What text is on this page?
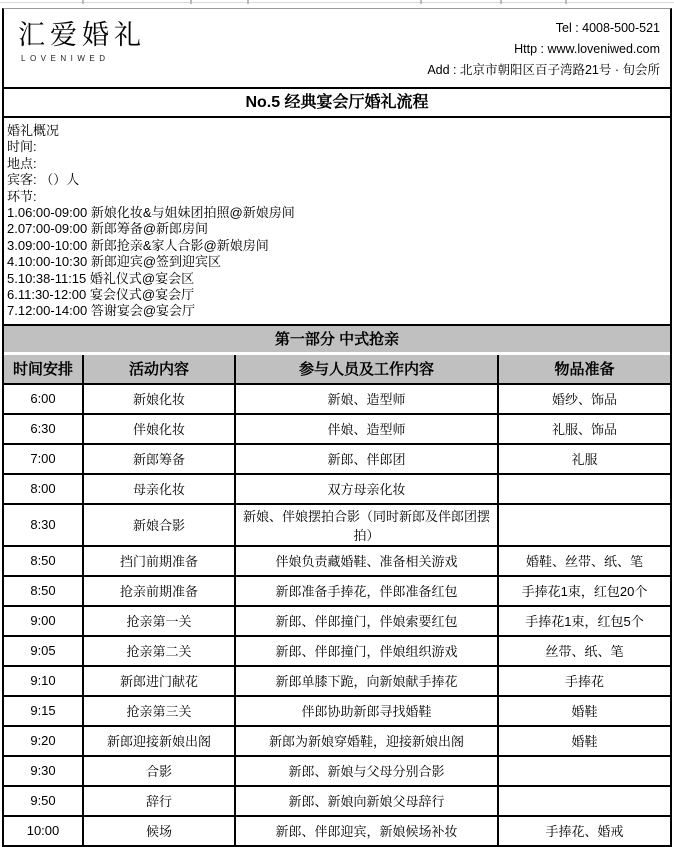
汇爱婚礼
LOVENIWED
Tel : 4008-500-521
Http : www.loveniwed.com
Add : 北京市朝阳区百子湾路21号 · 旬会所
No.5 经典宴会厅婚礼流程
婚礼概况
时间:
地点:
宾客: （）人
环节:
1.06:00-09:00 新娘化妆&与姐妹团拍照@新娘房间
2.07:00-09:00 新郎筹备@新郎房间
3.09:00-10:00 新郎抢亲&家人合影@新娘房间
4.10:00-10:30 新郎迎宾@签到迎宾区
5.10:38-11:15 婚礼仪式@宴会区
6.11:30-12:00 宴会仪式@宴会厅
7.12:00-14:00 答谢宴会@宴会厅
第一部分 中式抢亲			
时间安排	活动内容	参与人员及工作内容	物品准备
6:00	新娘化妆	新娘、造型师	婚纱、饰品
6:30	伴娘化妆	伴娘、造型师	礼服、饰品
7:00	新郎筹备	新郎、伴郎团	礼服
8:00	母亲化妆	双方母亲化妆	
8:30	新娘合影	新娘、伴娘摆拍合影（同时新郎及伴郎团摆拍）	
8:50	挡门前期准备	伴娘负责藏婚鞋、准备相关游戏	婚鞋、丝带、纸、笔
8:50	抢亲前期准备	新郎准备手捧花，伴郎准备红包	手捧花1束，红包20个
9:00	抢亲第一关	新郎、伴郎撞门，伴娘索要红包	手捧花1束，红包5个
9:05	抢亲第二关	新郎、伴郎撞门，伴娘组织游戏	丝带、纸、笔
9:10	新郎进门献花	新郎单膝下跪，向新娘献手捧花	手捧花
9:15	抢亲第三关	伴郎协助新郎寻找婚鞋	婚鞋
9:20	新郎迎接新娘出阁	新郎为新娘穿婚鞋，迎接新娘出阁	婚鞋
9:30	合影	新郎、新娘与父母分别合影	
9:50	辞行	新郎、新娘向新娘父母辞行	
10:00	候场	新郎、伴郎迎宾，新娘候场补妆	手捧花、婚戒
